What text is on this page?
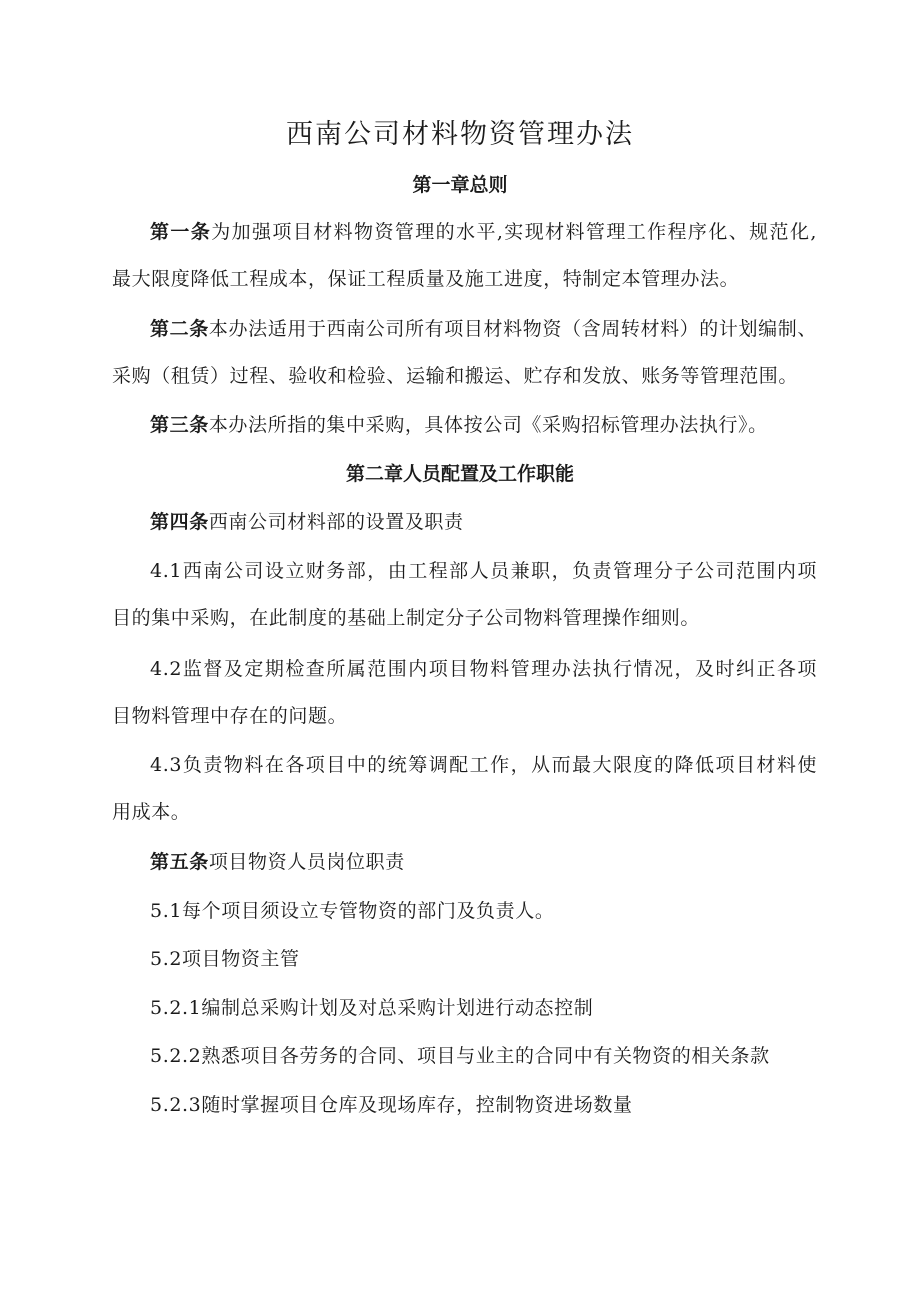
西南公司材料物资管理办法
第一章总则

第一条为加强项目材料物资管理的水平,实现材料管理工作程序化、规范化,

最大限度降低工程成本，保证工程质量及施工进度，特制定本管理办法。

第二条本办法适用于西南公司所有项目材料物资（含周转材料）的计划编制、

采购（租赁）过程、验收和检验、运输和搬运、贮存和发放、账务等管理范围。

第三条本办法所指的集中采购，具体按公司《采购招标管理办法执行》。

第二章人员配置及工作职能

第四条西南公司材料部的设置及职责

4.1西南公司设立财务部，由工程部人员兼职，负责管理分子公司范围内项

目的集中采购，在此制度的基础上制定分子公司物料管理操作细则。

4.2监督及定期检查所属范围内项目物料管理办法执行情况，及时纠正各项

目物料管理中存在的问题。

4.3负责物料在各项目中的统筹调配工作，从而最大限度的降低项目材料使

用成本。

第五条项目物资人员岗位职责

5.1每个项目须设立专管物资的部门及负责人。

5.2项目物资主管

5.2.1编制总采购计划及对总采购计划进行动态控制

5.2.2熟悉项目各劳务的合同、项目与业主的合同中有关物资的相关条款

5.2.3随时掌握项目仓库及现场库存，控制物资进场数量
